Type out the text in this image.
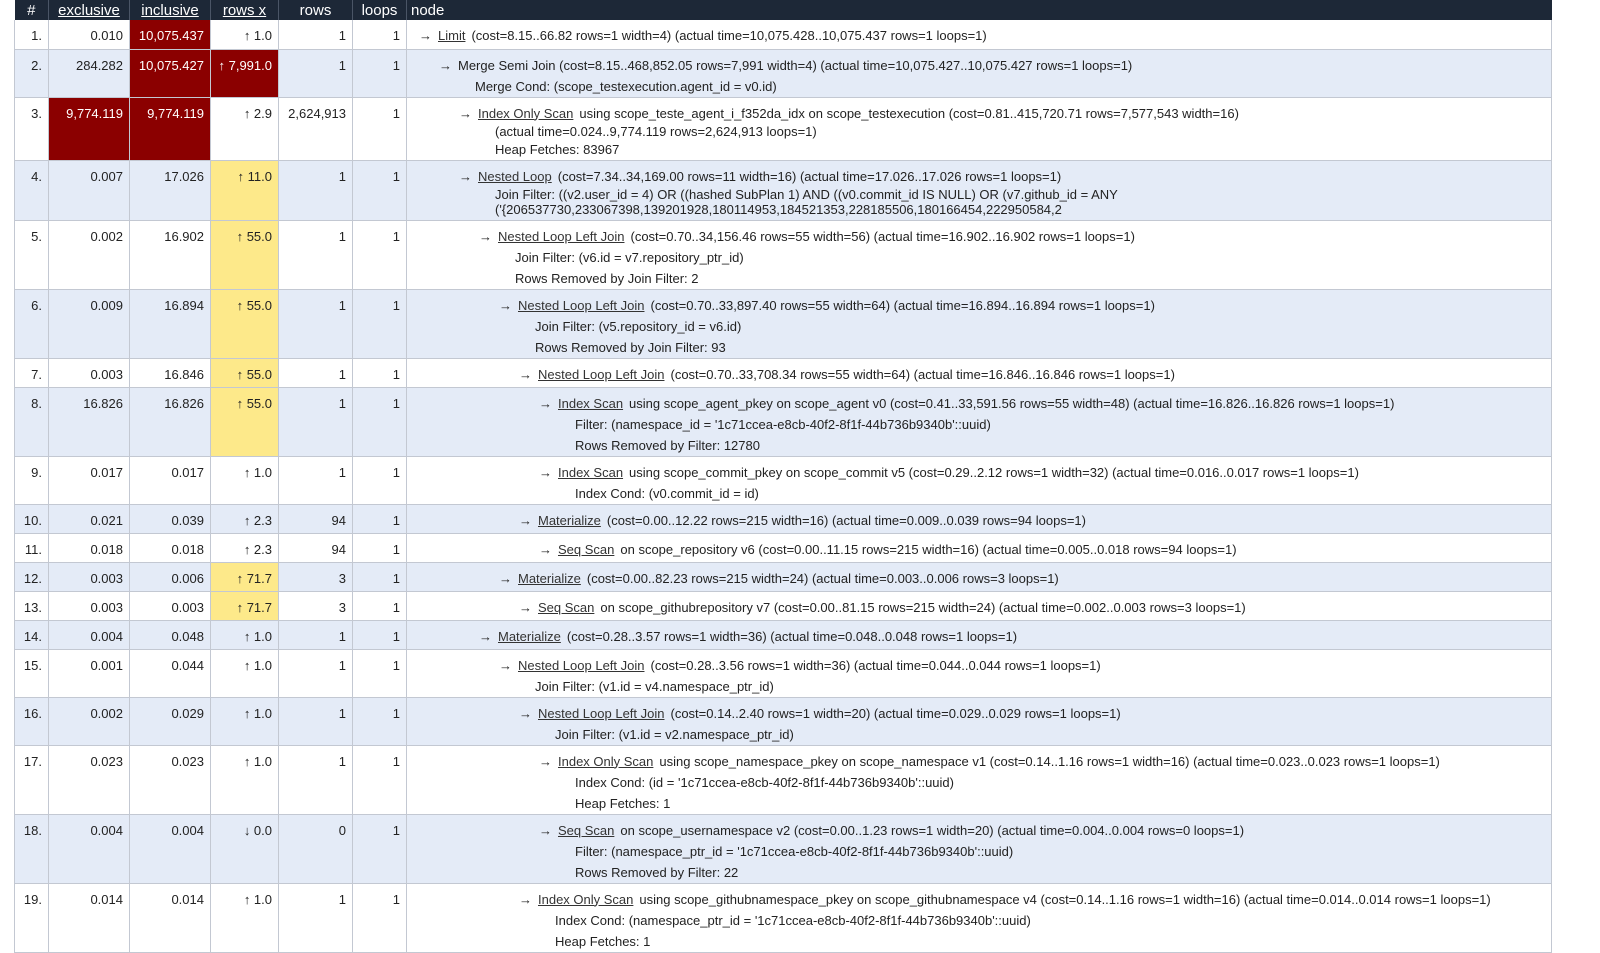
#	exclusive	inclusive	rows x	rows	loops	node
1.	0.010	10,075.437	↑ 1.0	1	1	→ Limit (cost=8.15..66.82 rows=1 width=4) (actual time=10,075.428..10,075.437 rows=1 loops=1)

2.	284.282	10,075.427	↑ 7,991.0	1	1	→ Merge Semi Join (cost=8.15..468,852.05 rows=7,991 width=4) (actual time=10,075.427..10,075.427 rows=1 loops=1)
Merge Cond: (scope_testexecution.agent_id = v0.id)

3.	9,774.119	9,774.119	↑ 2.9	2,624,913	1	→ Index Only Scan using scope_teste_agent_i_f352da_idx on scope_testexecution (cost=0.81..415,720.71 rows=7,577,543 width=16)
(actual time=0.024..9,774.119 rows=2,624,913 loops=1)
Heap Fetches: 83967

4.	0.007	17.026	↑ 11.0	1	1	→ Nested Loop (cost=7.34..34,169.00 rows=11 width=16) (actual time=17.026..17.026 rows=1 loops=1)
Join Filter: ((v2.user_id = 4) OR ((hashed SubPlan 1) AND ((v0.commit_id IS NULL) OR (v7.github_id = ANY
('{206537730,233067398,139201928,180114953,184521353,228185506,180166454,222950584,2

5.	0.002	16.902	↑ 55.0	1	1	→ Nested Loop Left Join (cost=0.70..34,156.46 rows=55 width=56) (actual time=16.902..16.902 rows=1 loops=1)
Join Filter: (v6.id = v7.repository_ptr_id)
Rows Removed by Join Filter: 2

6.	0.009	16.894	↑ 55.0	1	1	→ Nested Loop Left Join (cost=0.70..33,897.40 rows=55 width=64) (actual time=16.894..16.894 rows=1 loops=1)
Join Filter: (v5.repository_id = v6.id)
Rows Removed by Join Filter: 93

7.	0.003	16.846	↑ 55.0	1	1	→ Nested Loop Left Join (cost=0.70..33,708.34 rows=55 width=64) (actual time=16.846..16.846 rows=1 loops=1)

8.	16.826	16.826	↑ 55.0	1	1	→ Index Scan using scope_agent_pkey on scope_agent v0 (cost=0.41..33,591.56 rows=55 width=48) (actual time=16.826..16.826 rows=1 loops=1)
Filter: (namespace_id = '1c71ccea-e8cb-40f2-8f1f-44b736b9340b'::uuid)
Rows Removed by Filter: 12780

9.	0.017	0.017	↑ 1.0	1	1	→ Index Scan using scope_commit_pkey on scope_commit v5 (cost=0.29..2.12 rows=1 width=32) (actual time=0.016..0.017 rows=1 loops=1)
Index Cond: (v0.commit_id = id)

10.	0.021	0.039	↑ 2.3	94	1	→ Materialize (cost=0.00..12.22 rows=215 width=16) (actual time=0.009..0.039 rows=94 loops=1)

11.	0.018	0.018	↑ 2.3	94	1	→ Seq Scan on scope_repository v6 (cost=0.00..11.15 rows=215 width=16) (actual time=0.005..0.018 rows=94 loops=1)

12.	0.003	0.006	↑ 71.7	3	1	→ Materialize (cost=0.00..82.23 rows=215 width=24) (actual time=0.003..0.006 rows=3 loops=1)

13.	0.003	0.003	↑ 71.7	3	1	→ Seq Scan on scope_githubrepository v7 (cost=0.00..81.15 rows=215 width=24) (actual time=0.002..0.003 rows=3 loops=1)

14.	0.004	0.048	↑ 1.0	1	1	→ Materialize (cost=0.28..3.57 rows=1 width=36) (actual time=0.048..0.048 rows=1 loops=1)

15.	0.001	0.044	↑ 1.0	1	1	→ Nested Loop Left Join (cost=0.28..3.56 rows=1 width=36) (actual time=0.044..0.044 rows=1 loops=1)
Join Filter: (v1.id = v4.namespace_ptr_id)

16.	0.002	0.029	↑ 1.0	1	1	→ Nested Loop Left Join (cost=0.14..2.40 rows=1 width=20) (actual time=0.029..0.029 rows=1 loops=1)
Join Filter: (v1.id = v2.namespace_ptr_id)

17.	0.023	0.023	↑ 1.0	1	1	→ Index Only Scan using scope_namespace_pkey on scope_namespace v1 (cost=0.14..1.16 rows=1 width=16) (actual time=0.023..0.023 rows=1 loops=1)
Index Cond: (id = '1c71ccea-e8cb-40f2-8f1f-44b736b9340b'::uuid)
Heap Fetches: 1

18.	0.004	0.004	↓ 0.0	0	1	→ Seq Scan on scope_usernamespace v2 (cost=0.00..1.23 rows=1 width=20) (actual time=0.004..0.004 rows=0 loops=1)
Filter: (namespace_ptr_id = '1c71ccea-e8cb-40f2-8f1f-44b736b9340b'::uuid)
Rows Removed by Filter: 22

19.	0.014	0.014	↑ 1.0	1	1	→ Index Only Scan using scope_githubnamespace_pkey on scope_githubnamespace v4 (cost=0.14..1.16 rows=1 width=16) (actual time=0.014..0.014 rows=1 loops=1)
Index Cond: (namespace_ptr_id = '1c71ccea-e8cb-40f2-8f1f-44b736b9340b'::uuid)
Heap Fetches: 1
